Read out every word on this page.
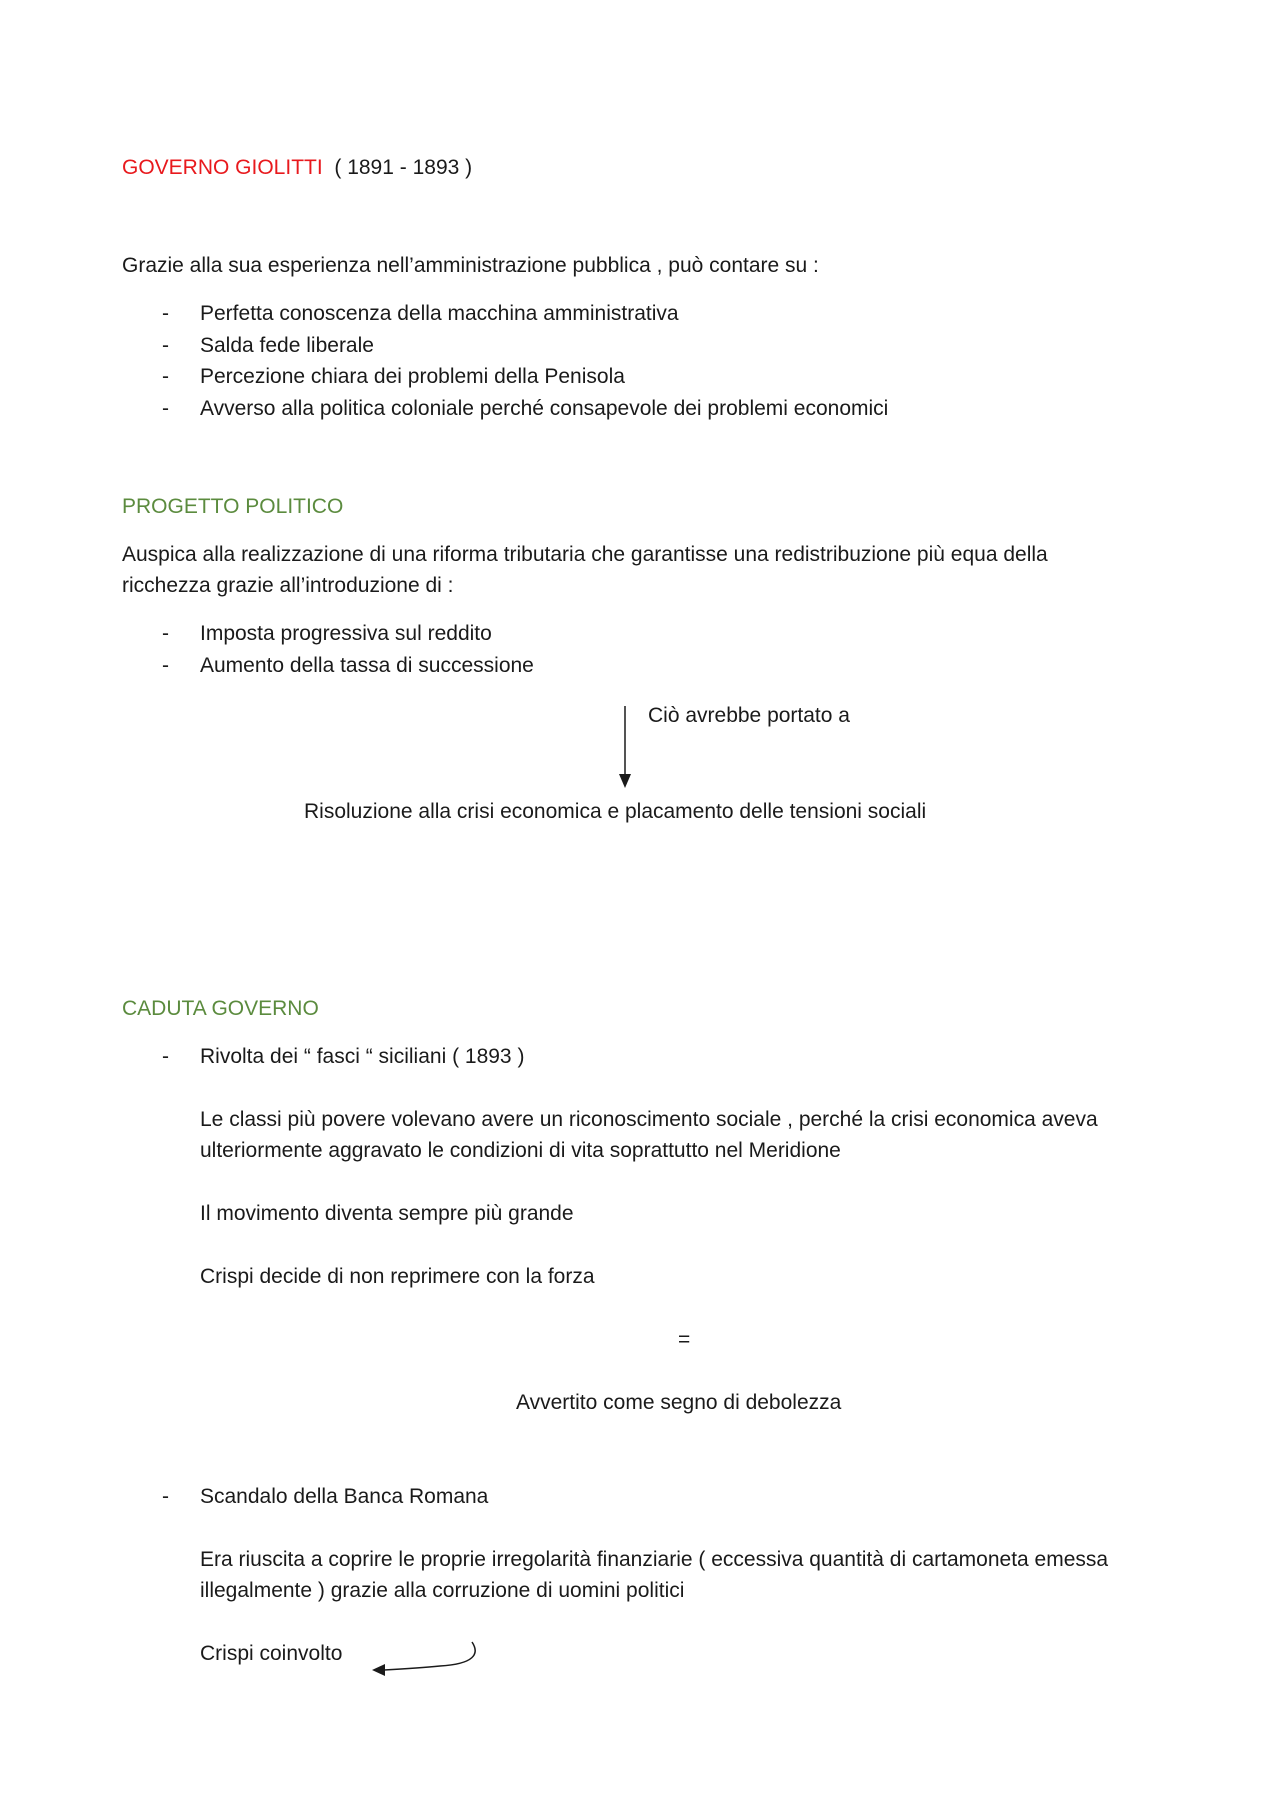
GOVERNO GIOLITTI ( 1891 - 1893 )

Grazie alla sua esperienza nell’amministrazione pubblica , può contare su :

- Perfetta conoscenza della macchina amministrativa

- Salda fede liberale

- Percezione chiara dei problemi della Penisola

- Avverso alla politica coloniale perché consapevole dei problemi economici

PROGETTO POLITICO

Auspica alla realizzazione di una riforma tributaria che garantisse una redistribuzione più equa della

ricchezza grazie all’introduzione di :

- Imposta progressiva sul reddito

- Aumento della tassa di successione

Ciò avrebbe portato a

Risoluzione alla crisi economica e placamento delle tensioni sociali

CADUTA GOVERNO

- Rivolta dei “ fasci “ siciliani ( 1893 )

Le classi più povere volevano avere un riconoscimento sociale , perché la crisi economica aveva

ulteriormente aggravato le condizioni di vita soprattutto nel Meridione

Il movimento diventa sempre più grande

Crispi decide di non reprimere con la forza

=

Avvertito come segno di debolezza

- Scandalo della Banca Romana

Era riuscita a coprire le proprie irregolarità finanziarie ( eccessiva quantità di cartamoneta emessa

illegalmente ) grazie alla corruzione di uomini politici

Crispi coinvolto
